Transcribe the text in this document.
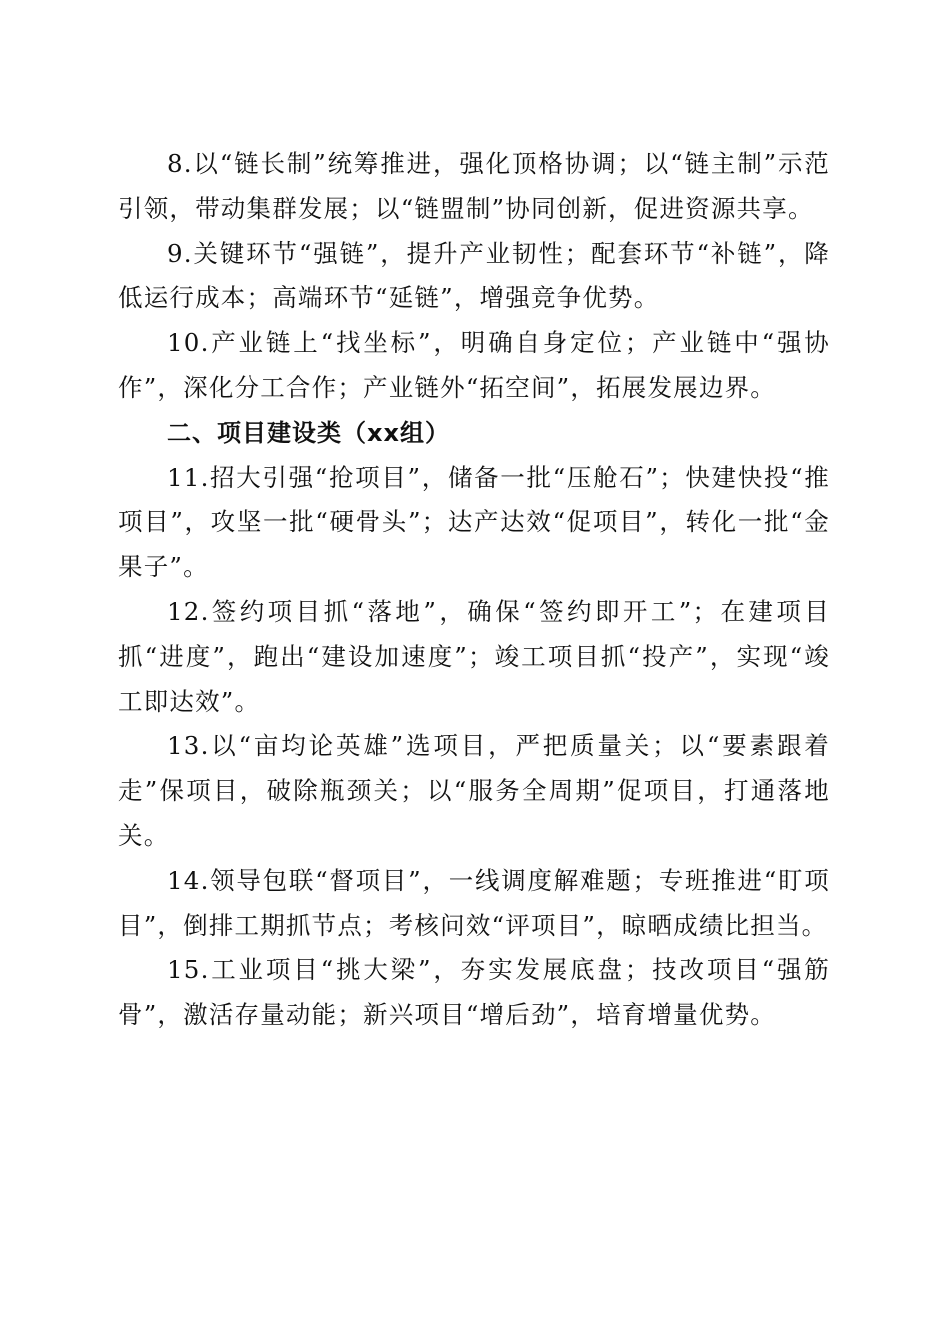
8.以“链长制”统筹推进，强化顶格协调；以“链主制”示范引领，带动集群发展；以“链盟制”协同创新，促进资源共享。

9.关键环节“强链”，提升产业韧性；配套环节“补链”，降低运行成本；高端环节“延链”，增强竞争优势。

10.产业链上“找坐标”，明确自身定位；产业链中“强协作”，深化分工合作；产业链外“拓空间”，拓展发展边界。

二、项目建设类（xx组）

11.招大引强“抢项目”，储备一批“压舱石”；快建快投“推项目”，攻坚一批“硬骨头”；达产达效“促项目”，转化一批“金果子”。

12.签约项目抓“落地”，确保“签约即开工”；在建项目抓“进度”，跑出“建设加速度”；竣工项目抓“投产”，实现“竣工即达效”。

13.以“亩均论英雄”选项目，严把质量关；以“要素跟着走”保项目，破除瓶颈关；以“服务全周期”促项目，打通落地关。

14.领导包联“督项目”，一线调度解难题；专班推进“盯项目”，倒排工期抓节点；考核问效“评项目”，晾晒成绩比担当。

15.工业项目“挑大梁”，夯实发展底盘；技改项目“强筋骨”，激活存量动能；新兴项目“增后劲”，培育增量优势。
